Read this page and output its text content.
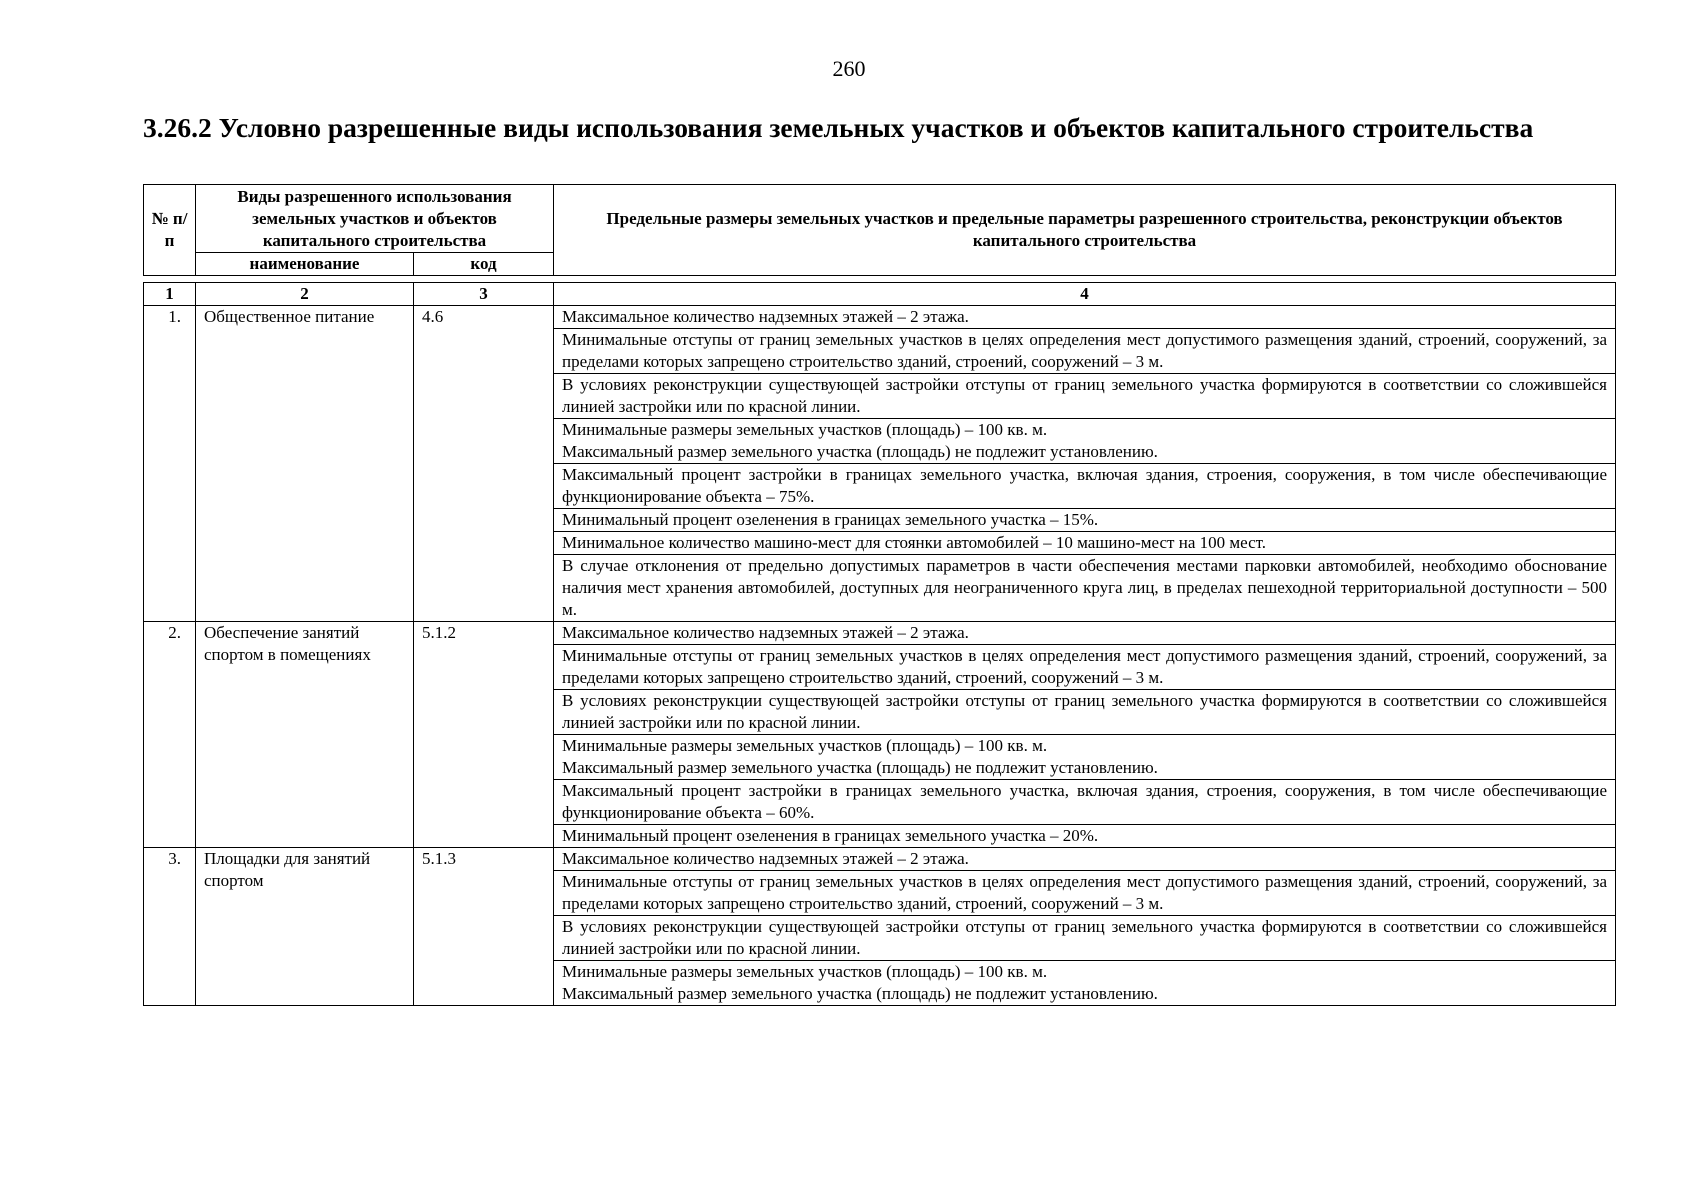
260
3.26.2 Условно разрешенные виды использования земельных участков и объектов капитального строительства
№ п/п	Виды разрешенного использования земельных участков и объектов капитального строительства		Предельные размеры земельных участков и предельные параметры разрешенного строительства, реконструкции объектов капитального строительства
	наименование	код	
1	2	3	4
1.	Общественное питание	4.6	Максимальное количество надземных этажей – 2 этажа.

			Минимальные отступы от границ земельных участков в целях определения мест допустимого размещения зданий, строений, сооружений, за пределами которых запрещено строительство зданий, строений, сооружений – 3 м.

			В условиях реконструкции существующей застройки отступы от границ земельного участка формируются в соответствии со сложившейся линией застройки или по красной линии.

			Минимальные размеры земельных участков (площадь) – 100 кв. м.
Максимальный размер земельного участка (площадь) не подлежит установлению.

			Максимальный процент застройки в границах земельного участка, включая здания, строения, сооружения, в том числе обеспечивающие функционирование объекта – 75%.

			Минимальный процент озеленения в границах земельного участка – 15%.

			Минимальное количество машино-мест для стоянки автомобилей – 10 машино-мест на 100 мест.

			В случае отклонения от предельно допустимых параметров в части обеспечения местами парковки автомобилей, необходимо обоснование наличия мест хранения автомобилей, доступных для неограниченного круга лиц, в пределах пешеходной территориальной доступности – 500 м.

2.	Обеспечение занятий спортом в помещениях	5.1.2	Максимальное количество надземных этажей – 2 этажа.

			Минимальные отступы от границ земельных участков в целях определения мест допустимого размещения зданий, строений, сооружений, за пределами которых запрещено строительство зданий, строений, сооружений – 3 м.

			В условиях реконструкции существующей застройки отступы от границ земельного участка формируются в соответствии со сложившейся линией застройки или по красной линии.

			Минимальные размеры земельных участков (площадь) – 100 кв. м.
Максимальный размер земельного участка (площадь) не подлежит установлению.

			Максимальный процент застройки в границах земельного участка, включая здания, строения, сооружения, в том числе обеспечивающие функционирование объекта – 60%.

			Минимальный процент озеленения в границах земельного участка – 20%.

3.	Площадки для занятий спортом	5.1.3	Максимальное количество надземных этажей – 2 этажа.

			Минимальные отступы от границ земельных участков в целях определения мест допустимого размещения зданий, строений, сооружений, за пределами которых запрещено строительство зданий, строений, сооружений – 3 м.

			В условиях реконструкции существующей застройки отступы от границ земельного участка формируются в соответствии со сложившейся линией застройки или по красной линии.

			Минимальные размеры земельных участков (площадь) – 100 кв. м.
Максимальный размер земельного участка (площадь) не подлежит установлению.
